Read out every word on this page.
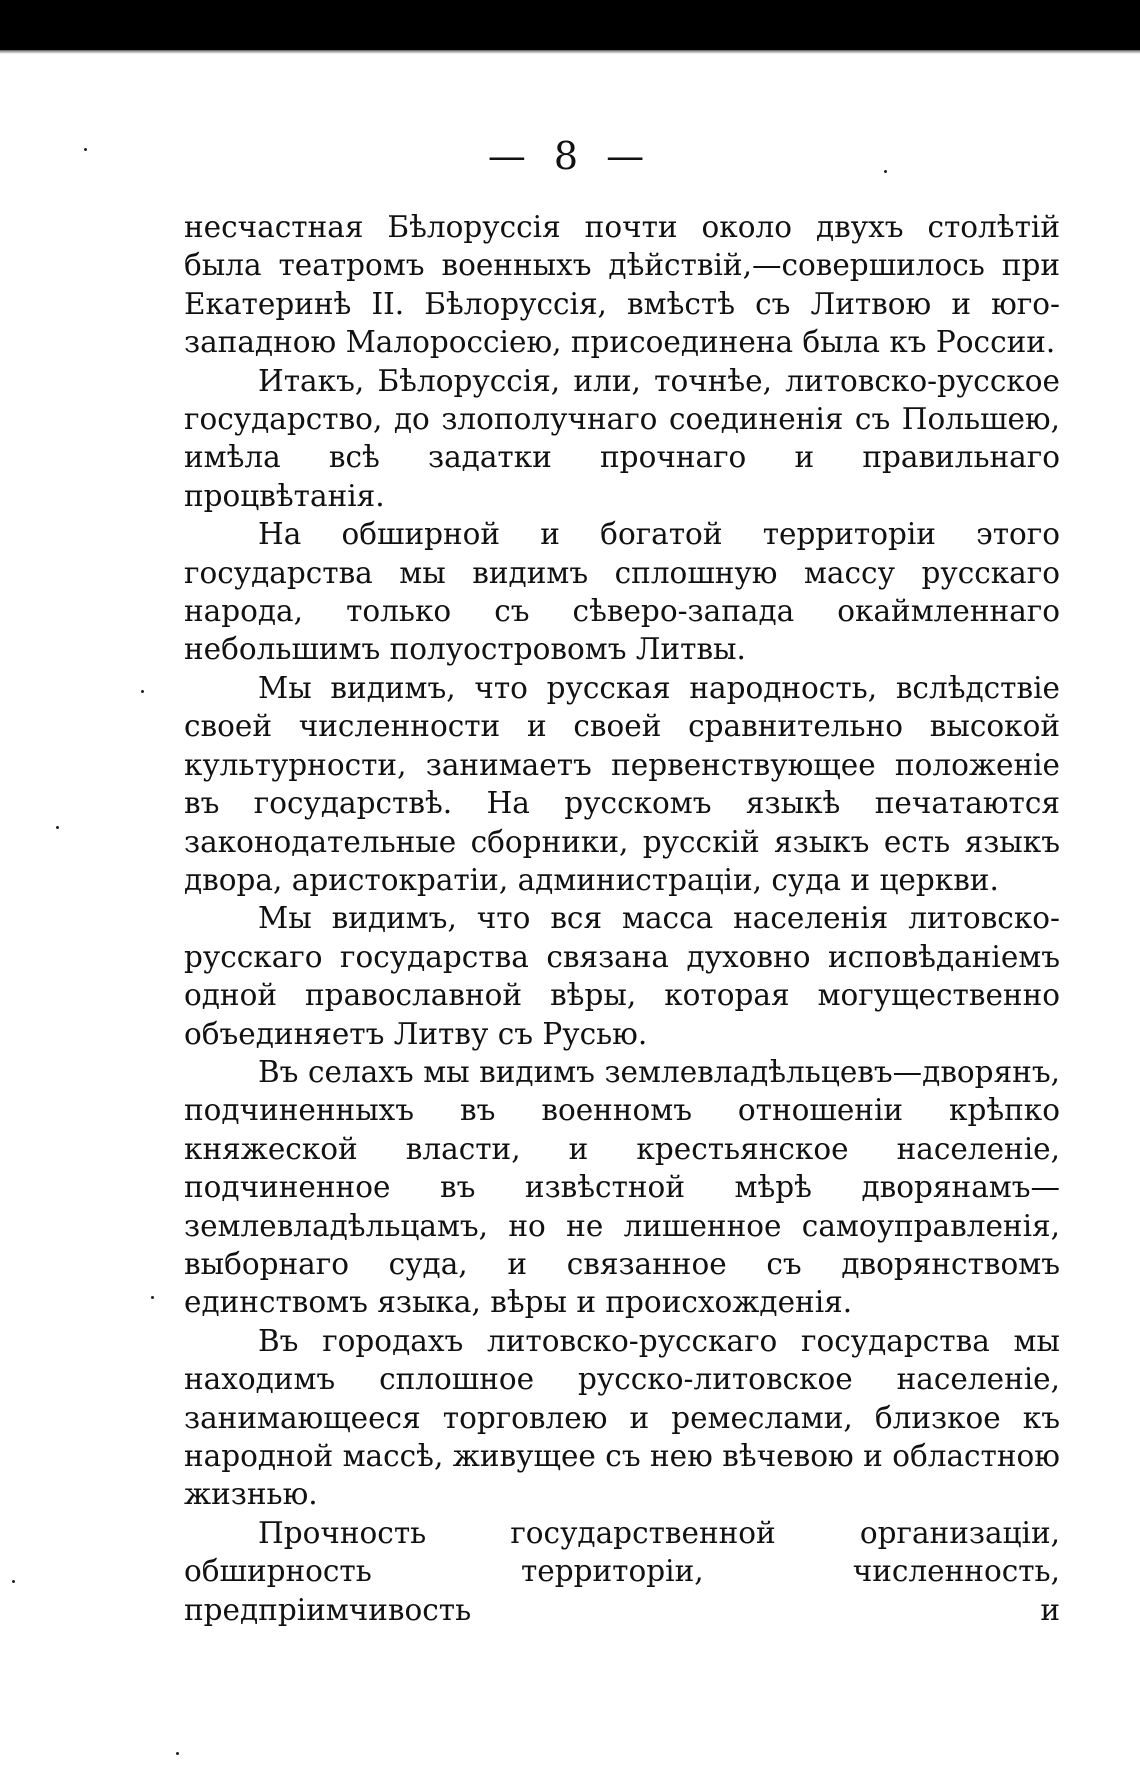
— 8 —

несчастная Бѣлоруссія почти около двухъ столѣтій была театромъ военныхъ дѣйствій,—совершилось при Екатеринѣ II. Бѣлоруссія, вмѣстѣ съ Литвою и юго-западною Малороссіею, присоединена была къ России.

Итакъ, Бѣлоруссія, или, точнѣе, литовско-русское государство, до злополучнаго соединенія съ Польшею, имѣла всѣ задатки прочнаго и правильнаго процвѣтанія.

На обширной и богатой территоріи этого государства мы видимъ сплошную массу русскаго народа, только съ сѣверо-запада окаймленнаго небольшимъ полуостровомъ Литвы.

Мы видимъ, что русская народность, вслѣдствіе своей численности и своей сравнительно высокой культурности, занимаетъ первенствующее положеніе въ государствѣ. На русскомъ языкѣ печатаются законодательные сборники, русскій языкъ есть языкъ двора, аристократіи, администраціи, суда и церкви.

Мы видимъ, что вся масса населенія литовско-русскаго государства связана духовно исповѣданіемъ одной православной вѣры, которая могущественно объединяетъ Литву съ Русью.

Въ селахъ мы видимъ землевладѣльцевъ—дворянъ, подчиненныхъ въ военномъ отношеніи крѣпко княжеской власти, и крестьянское населеніе, подчиненное въ извѣстной мѣрѣ дворянамъ—землевладѣльцамъ, но не лишенное самоуправленія, выборнаго суда, и связанное съ дворянствомъ единствомъ языка, вѣры и происхожденія.

Въ городахъ литовско-русскаго государства мы находимъ сплошное русско-литовское населеніе, занимающееся торговлею и ремеслами, близкое къ народной массѣ, живущее съ нею вѣчевою и областною жизнью.

Прочность государственной организаціи, обширность территоріи, численность, предпріимчивость и
